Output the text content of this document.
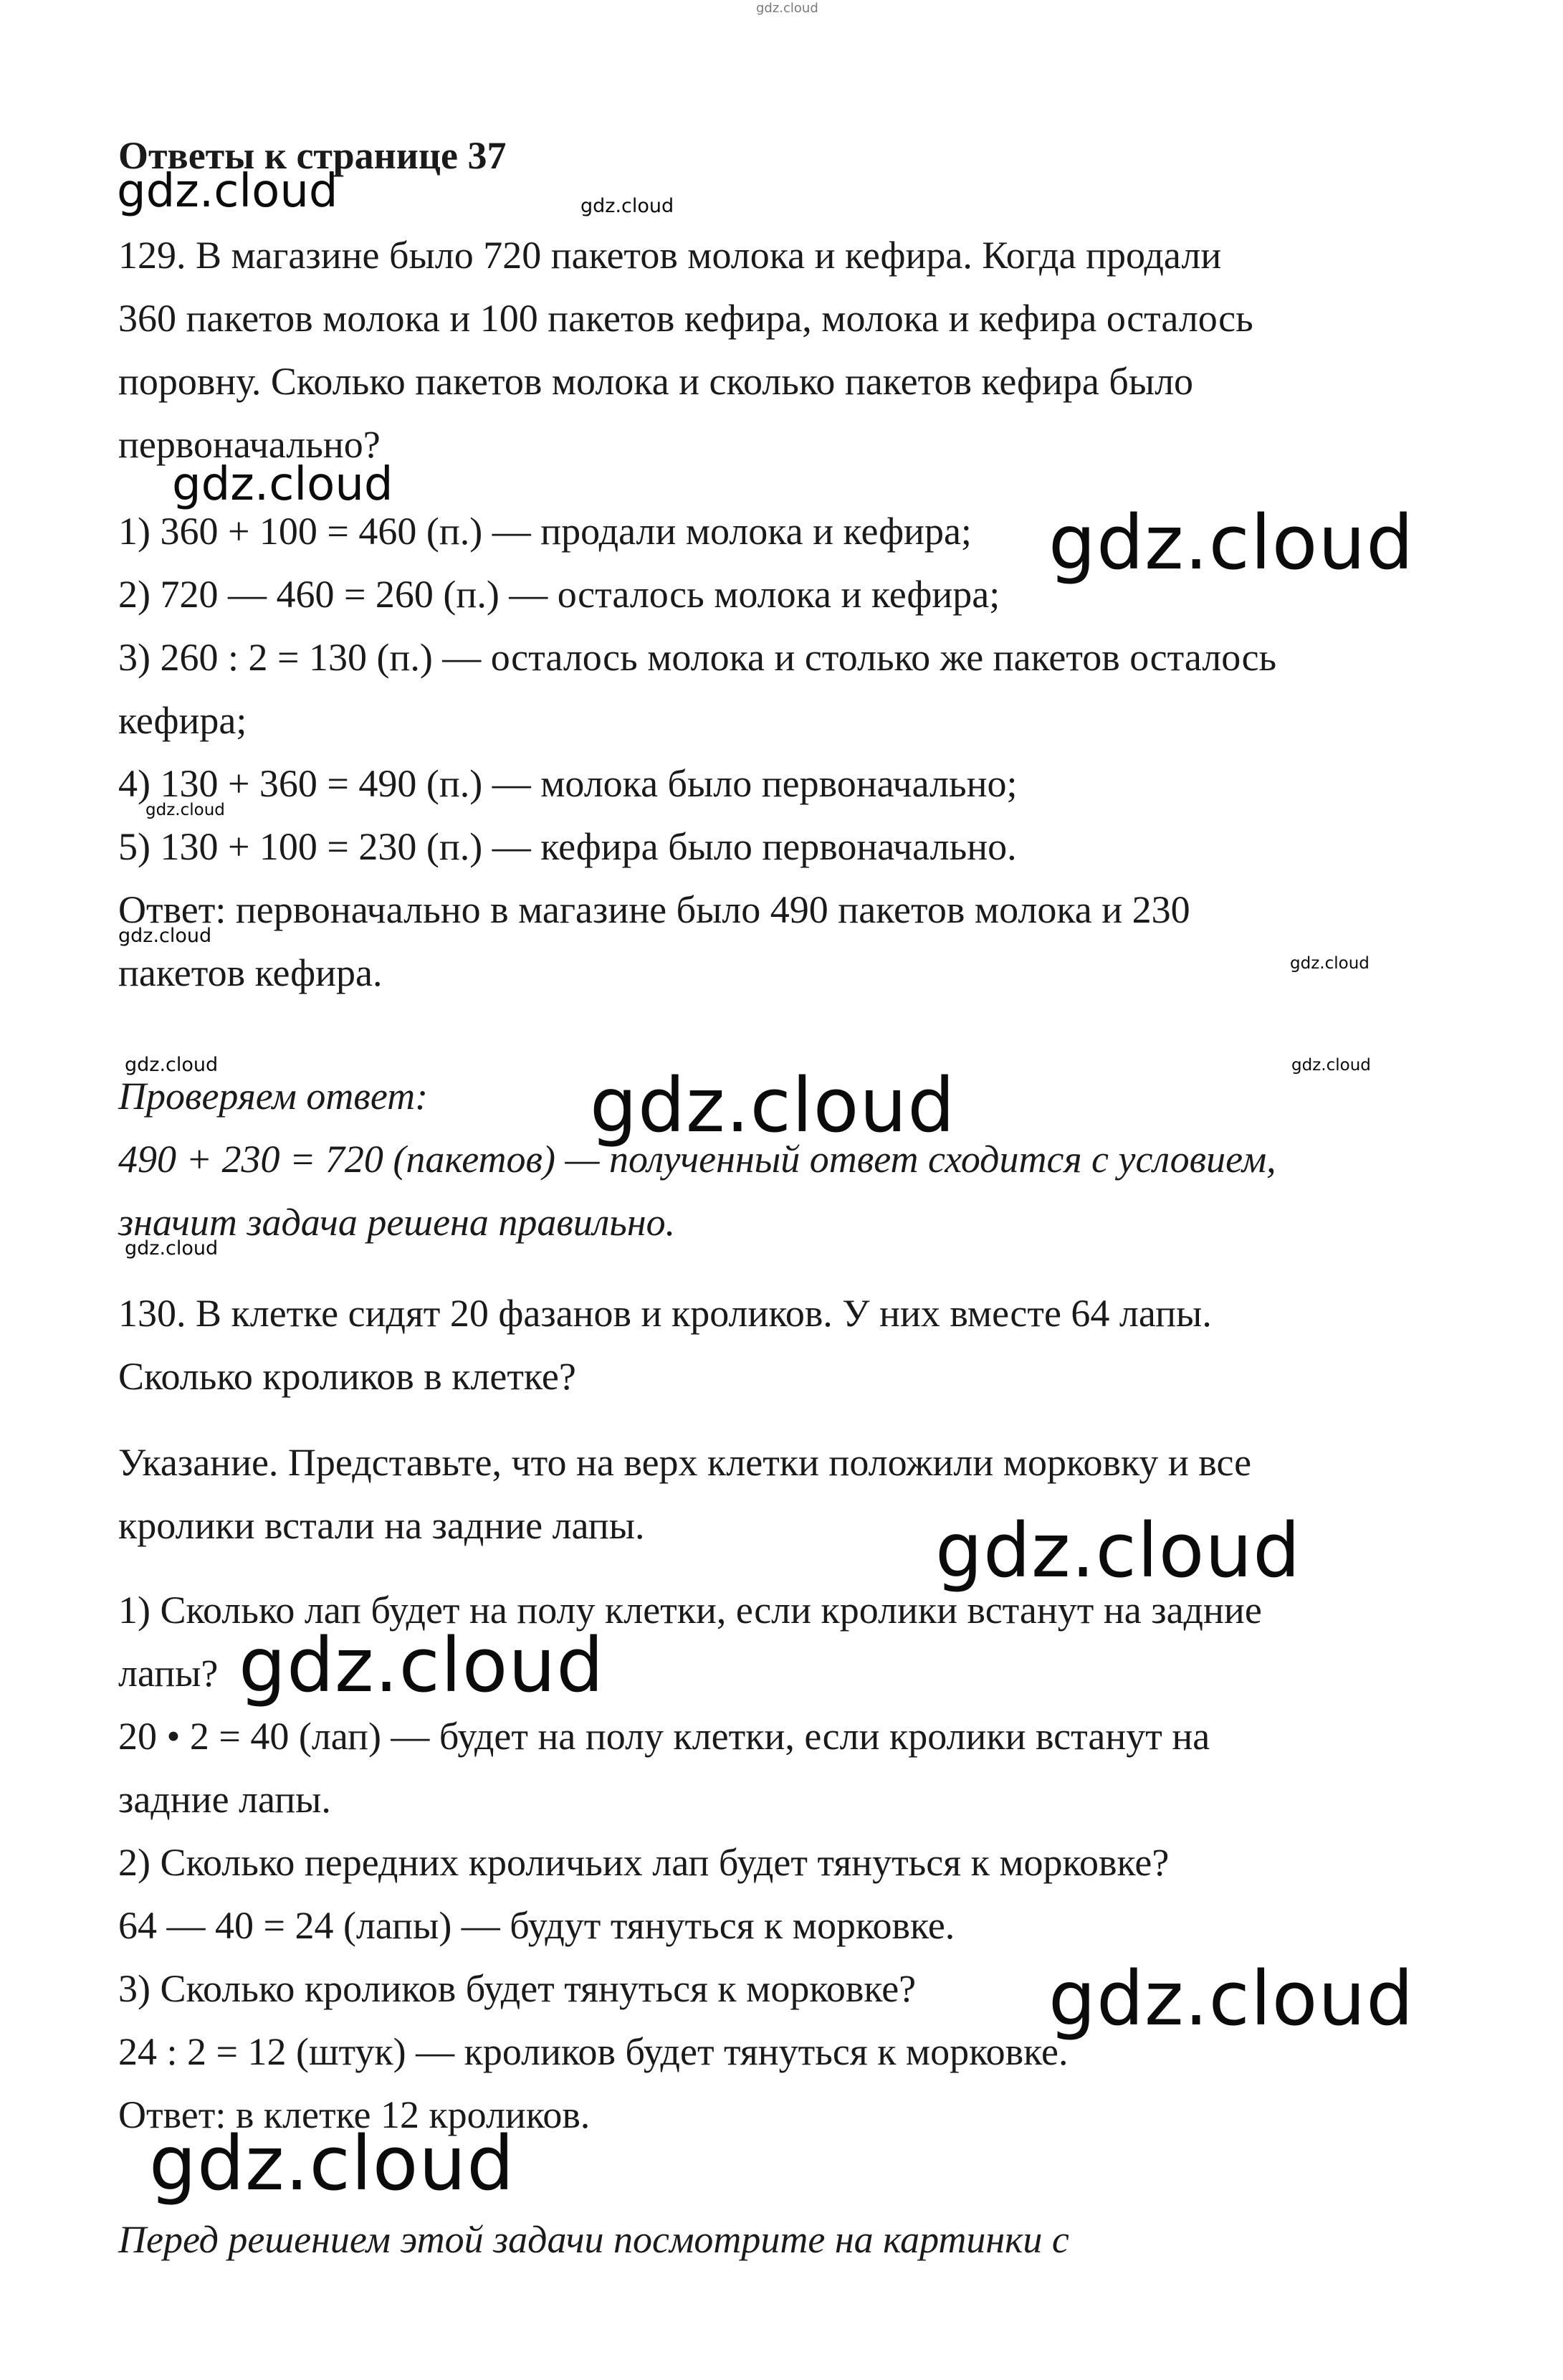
gdz.cloud
Ответы к странице 37
129. В магазине было 720 пакетов молока и кефира. Когда продали
360 пакетов молока и 100 пакетов кефира, молока и кефира осталось
поровну. Сколько пакетов молока и сколько пакетов кефира было
первоначально?
1) 360 + 100 = 460 (п.) — продали молока и кефира;
2) 720 — 460 = 260 (п.) — осталось молока и кефира;
3) 260 : 2 = 130 (п.) — осталось молока и столько же пакетов осталось
кефира;
4) 130 + 360 = 490 (п.) — молока было первоначально;
5) 130 + 100 = 230 (п.) — кефира было первоначально.
Ответ: первоначально в магазине было 490 пакетов молока и 230
пакетов кефира.
Проверяем ответ:
490 + 230 = 720 (пакетов) — полученный ответ сходится с условием,
значит задача решена правильно.
130. В клетке сидят 20 фазанов и кроликов. У них вместе 64 лапы.
Сколько кроликов в клетке?
Указание. Представьте, что на верх клетки положили морковку и все
кролики встали на задние лапы.
1) Сколько лап будет на полу клетки, если кролики встанут на задние
лапы?
20 • 2 = 40 (лап) — будет на полу клетки, если кролики встанут на
задние лапы.
2) Сколько передних кроличьих лап будет тянуться к морковке?
64 — 40 = 24 (лапы) — будут тянуться к морковке.
3) Сколько кроликов будет тянуться к морковке?
24 : 2 = 12 (штук) — кроликов будет тянуться к морковке.
Ответ: в клетке 12 кроликов.
Перед решением этой задачи посмотрите на картинки с
gdz.cloud	gdz.cloud
gdz.cloud
gdz.cloud
gdz.cloud
gdz.cloud
gdz.cloud
gdz.cloud	gdz.cloud
gdz.cloud
gdz.cloud
gdz.cloud
gdz.cloud
gdz.cloud
gdz.cloud
